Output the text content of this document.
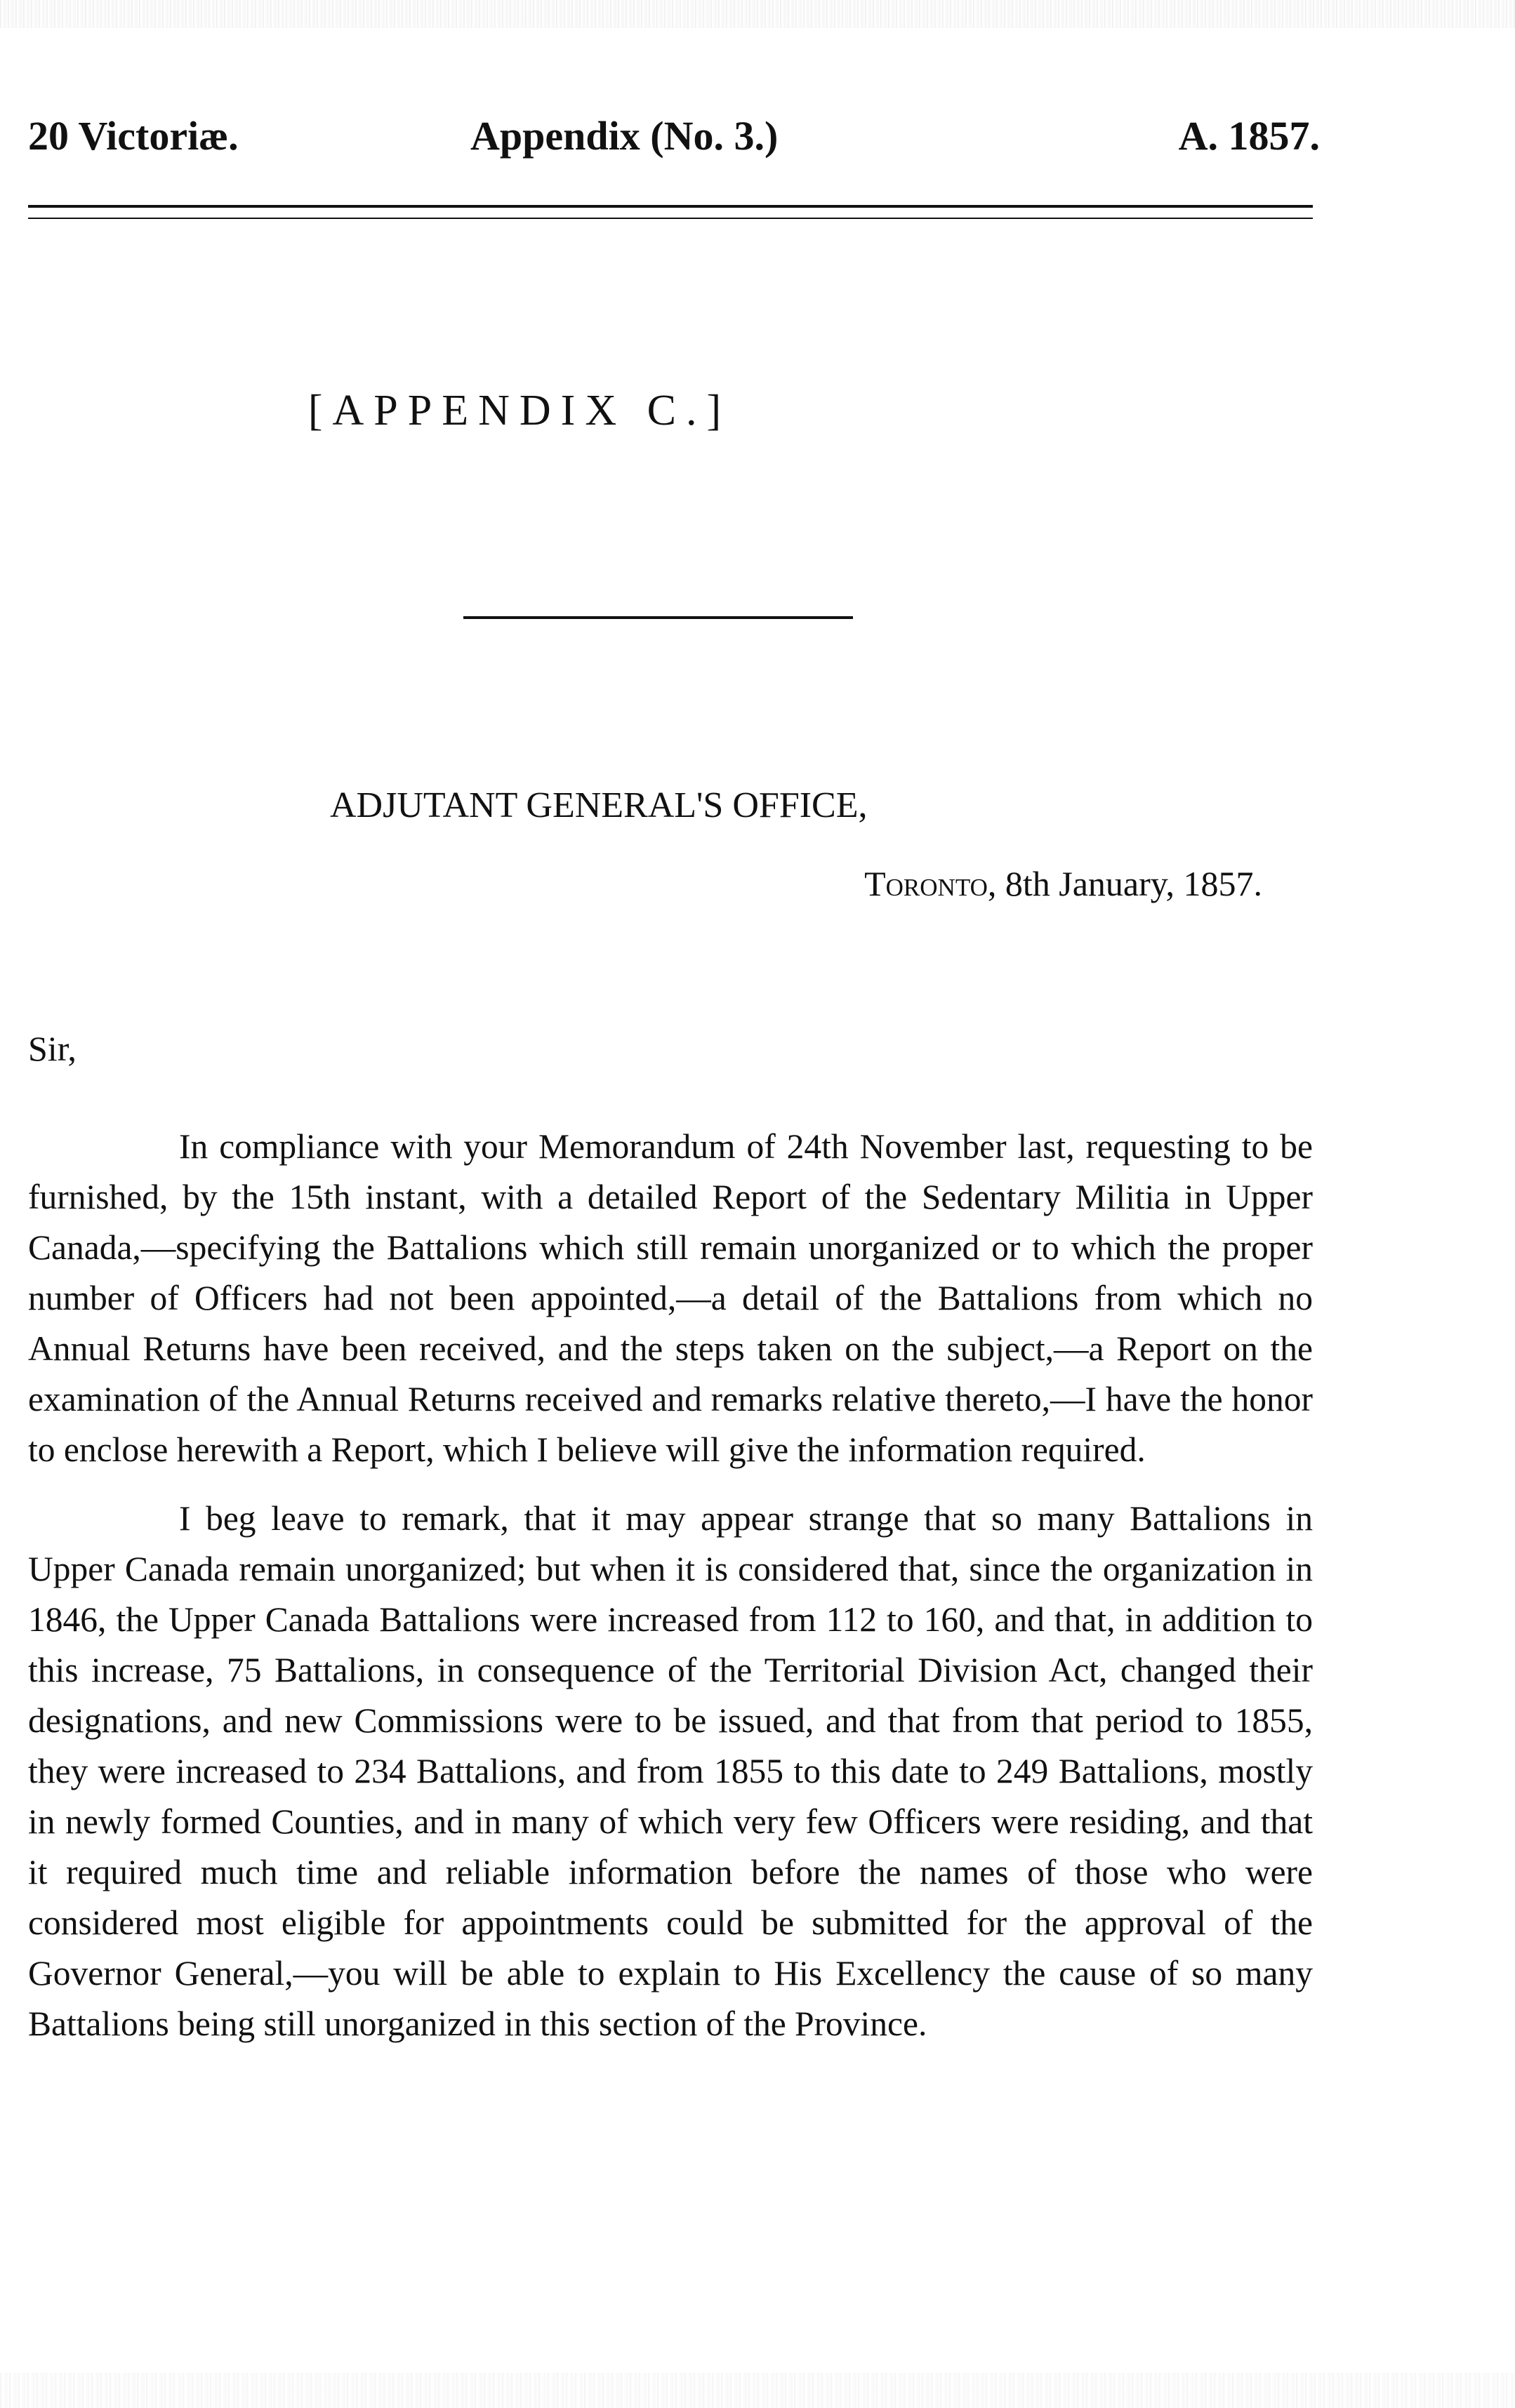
20 Victoriæ.	Appendix (No. 3.)	A. 1857.
[APPENDIX C.]
ADJUTANT GENERAL'S OFFICE,
Toronto, 8th January, 1857.
Sir,

In compliance with your Memorandum of 24th November last, requesting to be furnished, by the 15th instant, with a detailed Report of the Sedentary Militia in Upper Canada,—specifying the Battalions which still remain unorganized or to which the proper number of Officers had not been appointed,—a detail of the Battalions from which no Annual Returns have been received, and the steps taken on the subject,—a Report on the examination of the Annual Returns received and remarks relative thereto,—I have the honor to enclose herewith a Report, which I believe will give the information required.

I beg leave to remark, that it may appear strange that so many Battalions in Upper Canada remain unorganized; but when it is considered that, since the organization in 1846, the Upper Canada Battalions were increased from 112 to 160, and that, in addition to this increase, 75 Battalions, in consequence of the Territorial Division Act, changed their designations, and new Commissions were to be issued, and that from that period to 1855, they were increased to 234 Battalions, and from 1855 to this date to 249 Battalions, mostly in newly formed Counties, and in many of which very few Officers were residing, and that it required much time and reliable information before the names of those who were considered most eligible for appointments could be submitted for the approval of the Governor General,—you will be able to explain to His Excellency the cause of so many Battalions being still unorganized in this section of the Province.
